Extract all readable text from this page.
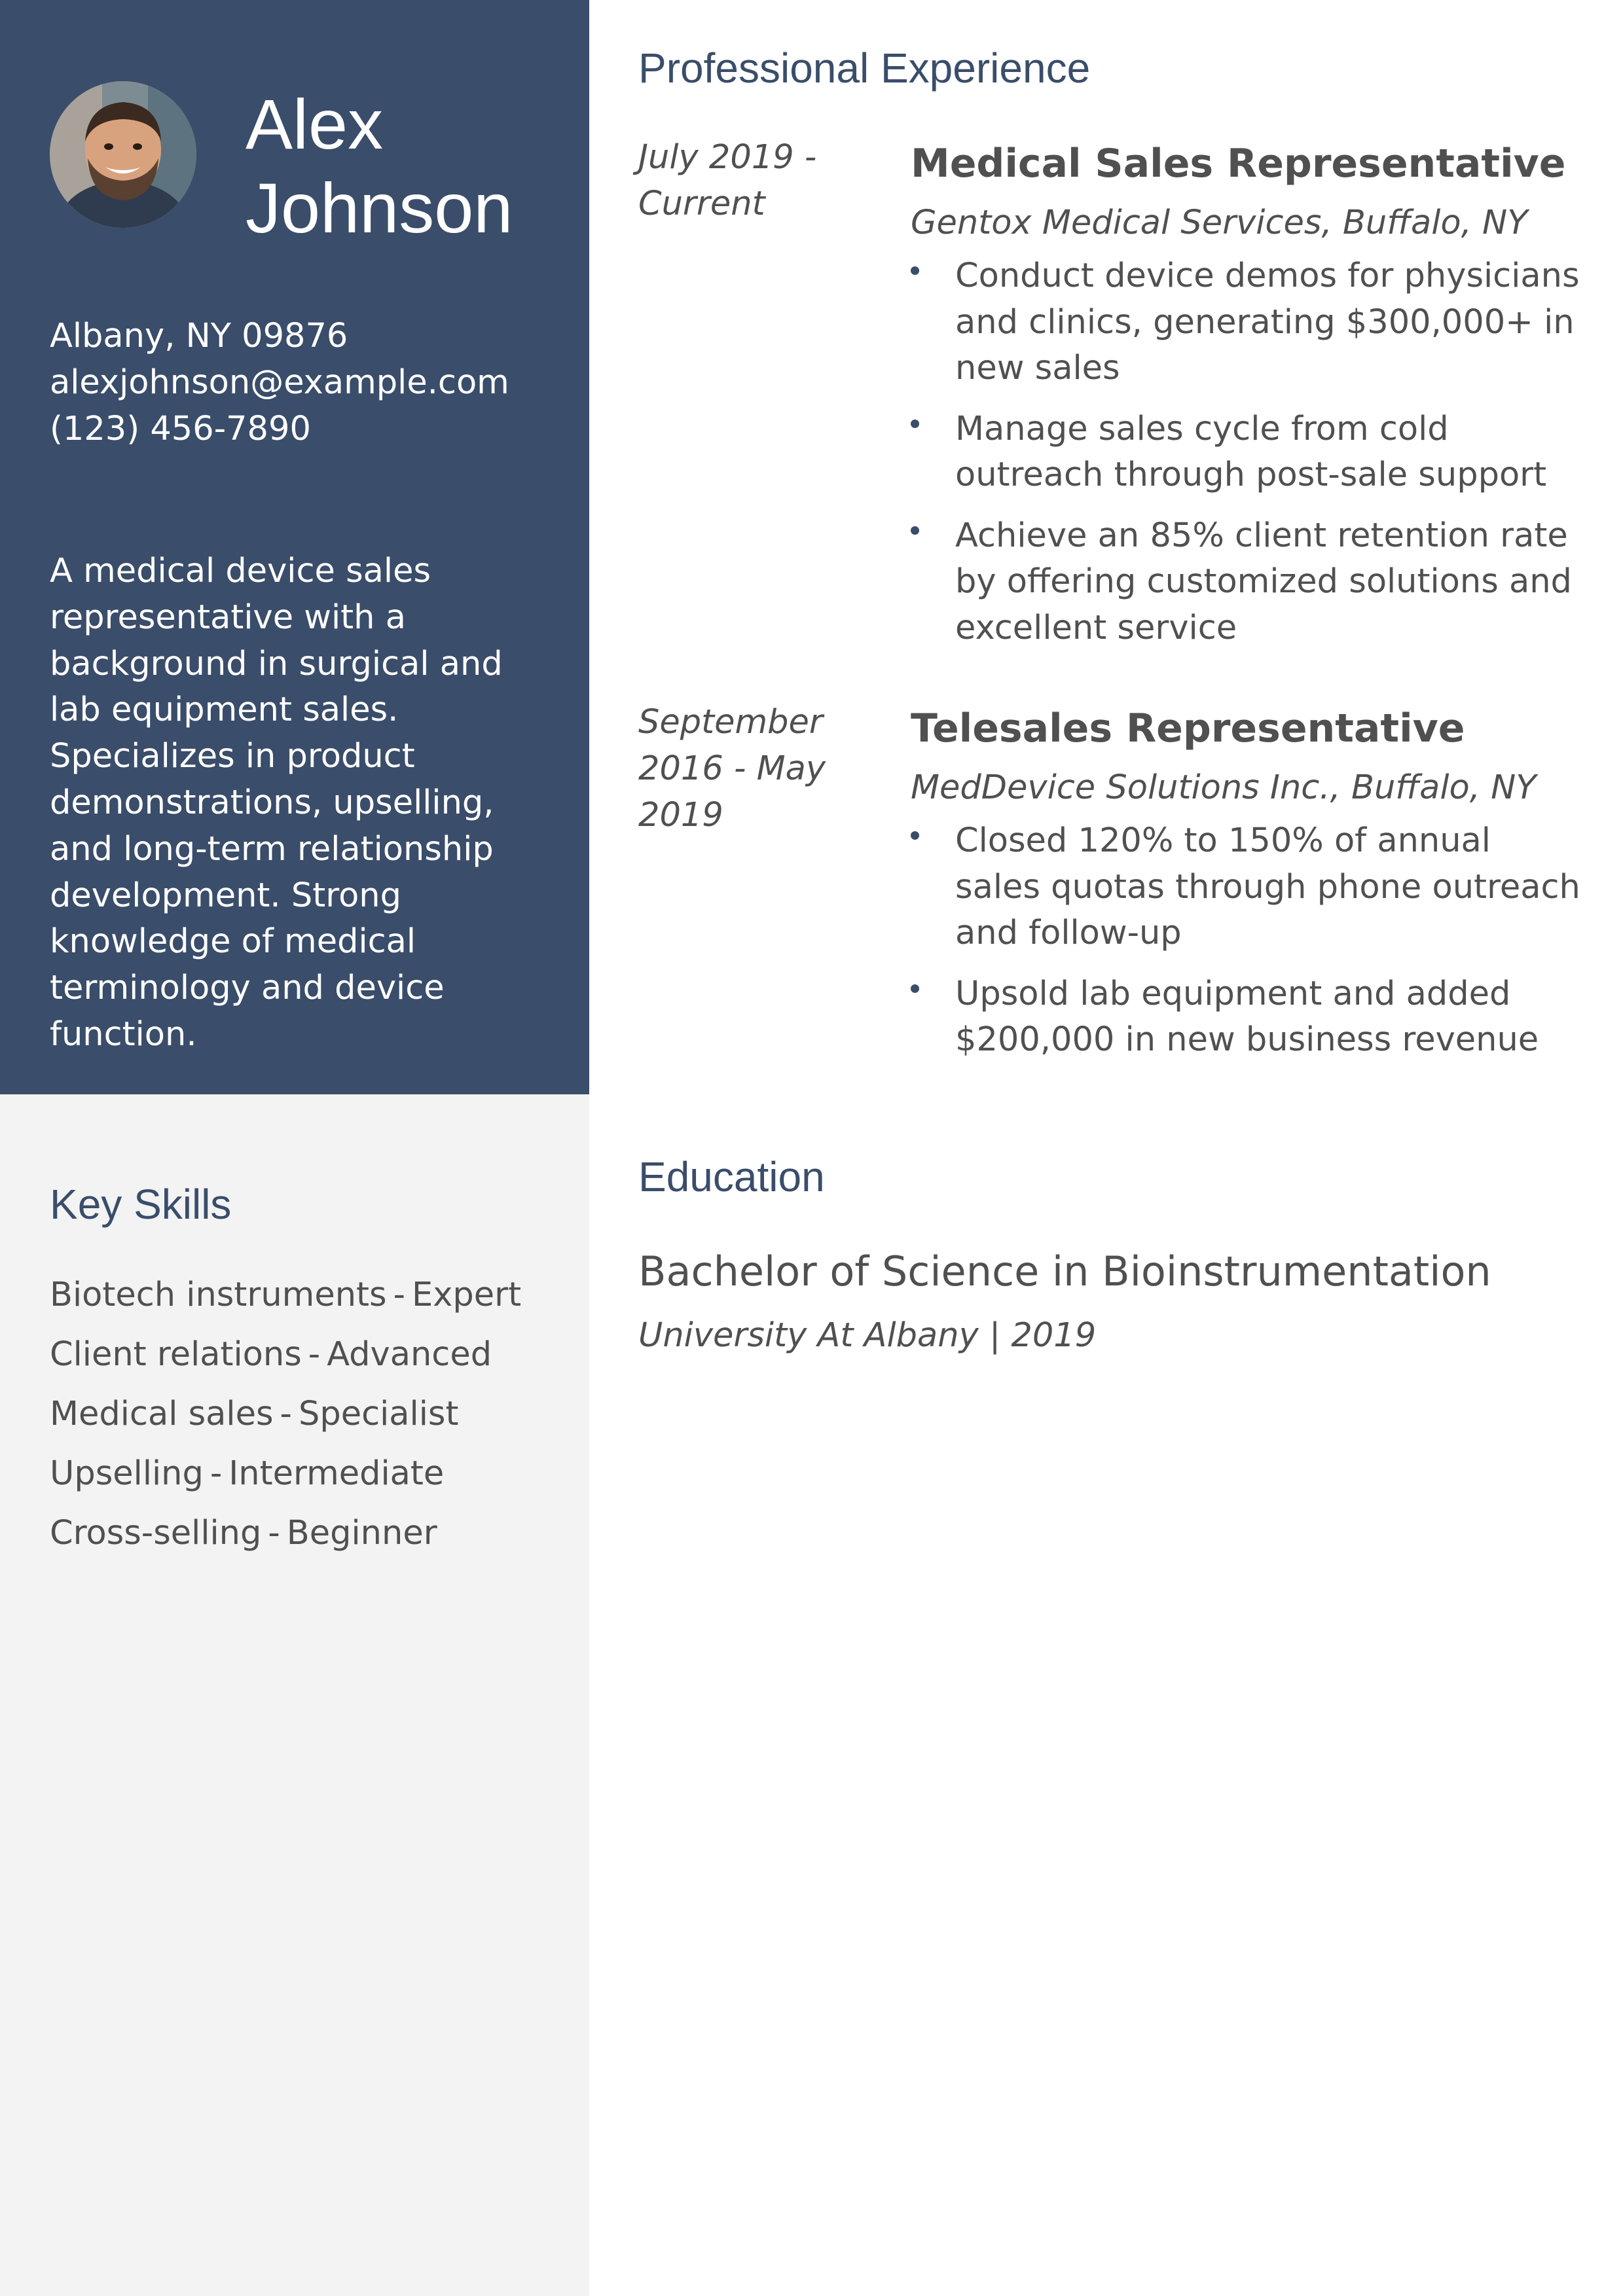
Alex
Johnson
Albany, NY 09876
alexjohnson@example.com
(123) 456-7890

A medical device sales representative with a background in surgical and lab equipment sales. Specializes in product demonstrations, upselling, and long-term relationship development. Strong knowledge of medical terminology and device function.

Key Skills
Biotech instruments - Expert
Client relations - Advanced
Medical sales - Specialist
Upselling - Intermediate
Cross-selling - Beginner
Professional Experience
July 2019 - Current
Medical Sales Representative

Gentox Medical Services, Buffalo, NY

Conduct device demos for physicians and clinics, generating $300,000+ in new sales
Manage sales cycle from cold outreach through post-sale support
Achieve an 85% client retention rate by offering customized solutions and excellent service
September 2016 - May 2019
Telesales Representative

MedDevice Solutions Inc., Buffalo, NY

Closed 120% to 150% of annual sales quotas through phone outreach and follow-up
Upsold lab equipment and added $200,000 in new business revenue
Education
Bachelor of Science in Bioinstrumentation

University At Albany | 2019
